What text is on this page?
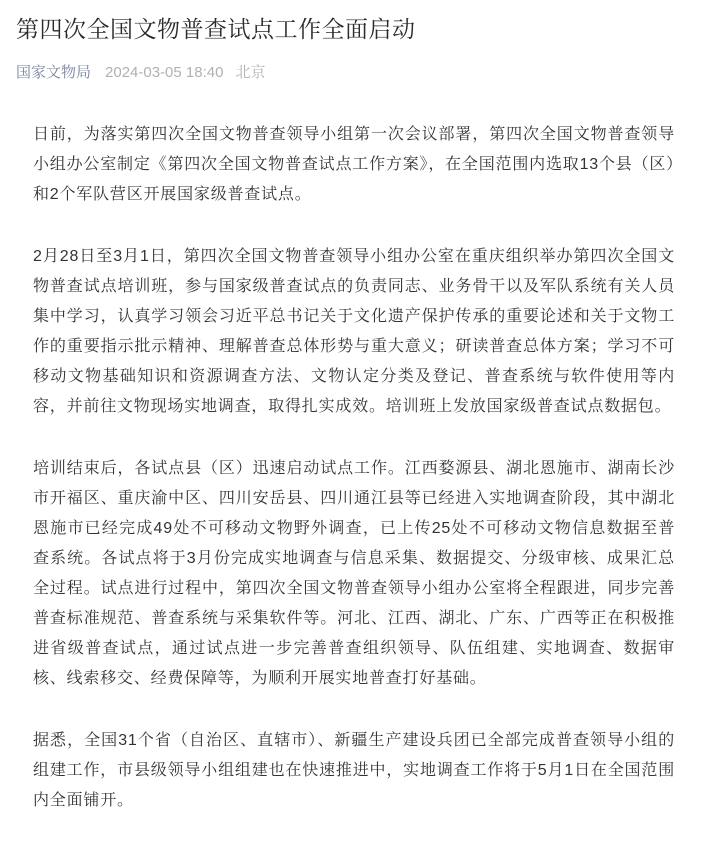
第四次全国文物普查试点工作全面启动
国家文物局 2024-03-05 18:40 北京

日前，为落实第四次全国文物普查领导小组第一次会议部署，第四次全国文物普查领导小组办公室制定《第四次全国文物普查试点工作方案》，在全国范围内选取13个县（区）和2个军队营区开展国家级普查试点。

2月28日至3月1日，第四次全国文物普查领导小组办公室在重庆组织举办第四次全国文物普查试点培训班，参与国家级普查试点的负责同志、业务骨干以及军队系统有关人员集中学习，认真学习领会习近平总书记关于文化遗产保护传承的重要论述和关于文物工作的重要指示批示精神、理解普查总体形势与重大意义；研读普查总体方案；学习不可移动文物基础知识和资源调查方法、文物认定分类及登记、普查系统与软件使用等内容，并前往文物现场实地调查，取得扎实成效。培训班上发放国家级普查试点数据包。

培训结束后，各试点县（区）迅速启动试点工作。江西婺源县、湖北恩施市、湖南长沙市开福区、重庆渝中区、四川安岳县、四川通江县等已经进入实地调查阶段，其中湖北恩施市已经完成49处不可移动文物野外调查，已上传25处不可移动文物信息数据至普查系统。各试点将于3月份完成实地调查与信息采集、数据提交、分级审核、成果汇总全过程。试点进行过程中，第四次全国文物普查领导小组办公室将全程跟进，同步完善普查标准规范、普查系统与采集软件等。河北、江西、湖北、广东、广西等正在积极推进省级普查试点，通过试点进一步完善普查组织领导、队伍组建、实地调查、数据审核、线索移交、经费保障等，为顺利开展实地普查打好基础。

据悉，全国31个省（自治区、直辖市）、新疆生产建设兵团已全部完成普查领导小组的组建工作，市县级领导小组组建也在快速推进中，实地调查工作将于5月1日在全国范围内全面铺开。
